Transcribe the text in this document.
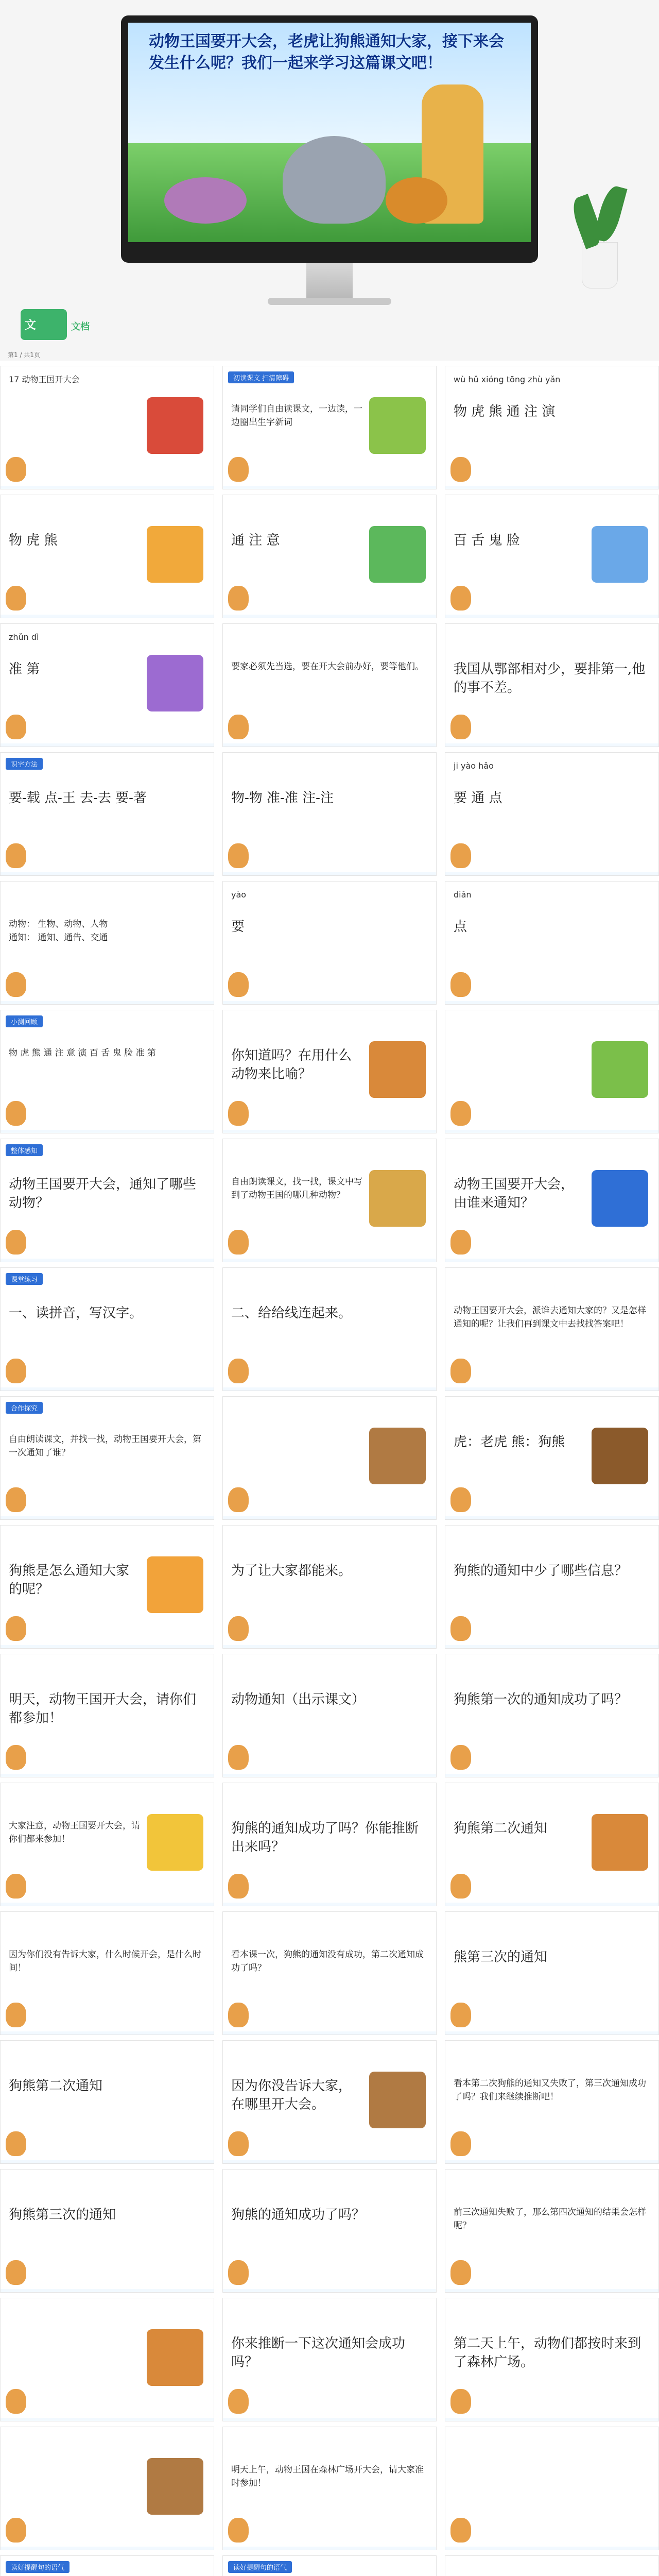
动物王国要开大会，老虎让狗熊通知大家，接下来会发生什么呢？我们一起来学习这篇课文吧！
文	文档
第1 / 共1页
17 动物王国开大会	初读课文 扫清障碍
请同学们自由读课文，一边读，一边圈出生字新词
wù hǔ xióng tōng zhù yǎn
物 虎 熊 通 注 演
物 虎 熊	通 注 意	百 舌 鬼 脸
zhǔn dì
准 第	要家必须先当选，要在开大会前办好，要等他们。	我国从鄂部相对少，要排第一,他的事不差。
识字方法
要-载 点-王 去-去 要-著	物-物 准-准 注-注
ji yào hǎo
要 通 点
动物： 生物、动物、人物
通知： 通知、通告、交通
yào
要
diǎn
点
小测回顾
物 虎 熊 通 注 意 演 百 舌 鬼 脸 准 第	你知道吗？在用什么动物来比喻？
整体感知
动物王国要开大会，通知了哪些动物？
自由朗读课文，找一找，课文中写到了动物王国的哪几种动物？
动物王国要开大会，由谁来通知？
课堂练习
一、读拼音，写汉字。	二、给给线连起来。	动物王国要开大会，派谁去通知大家的？又是怎样通知的呢？让我们再到课文中去找找答案吧！
合作探究
自由朗读课文，并找一找，动物王国要开大会，第一次通知了谁？
虎：老虎 熊：狗熊
狗熊是怎么通知大家的呢？
为了让大家都能来。	狗熊的通知中少了哪些信息？
明天，动物王国开大会，请你们都参加！
动物通知（出示课文）	狗熊第一次的通知成功了吗？
大家注意，动物王国要开大会，请你们都来参加！
狗熊的通知成功了吗？你能推断出来吗？
狗熊第二次通知
因为你们没有告诉大家，什么时候开会，是什么时间！
看本课一次，狗熊的通知没有成功，第二次通知成功了吗？
熊第三次的通知
狗熊第二次通知	因为你没告诉大家，在哪里开大会。
看本第二次狗熊的通知又失败了，第三次通知成功了吗？我们来继续推断吧！
狗熊第三次的通知	狗熊的通知成功了吗？	前三次通知失败了，那么第四次通知的结果会怎样呢？
你来推断一下这次通知会成功吗？
第二天上午，动物们都按时来到了森林广场。
明天上午，动物王国在森林广场开大会，请大家准时参加！
读好提醒句的语气	读好提醒句的语气
